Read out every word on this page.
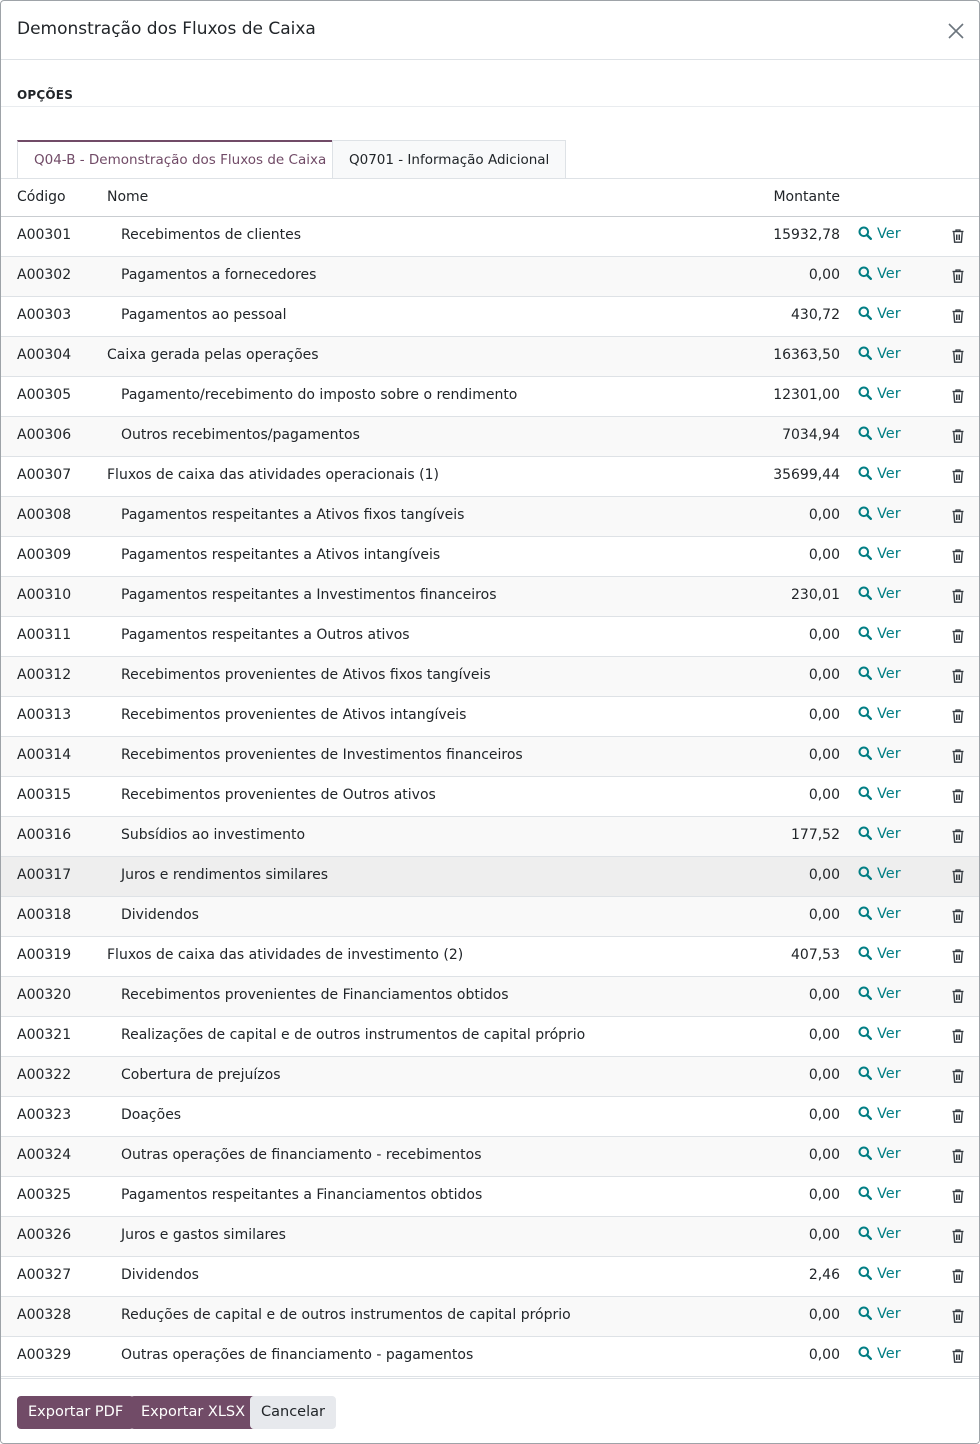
Demonstração dos Fluxos de Caixa
OPÇÕES
Q04-B - Demonstração dos Fluxos de Caixa	Q0701 - Informação Adicional
Código	Nome	Montante
A00301	Recebimentos de clientes	15932,78	Ver
A00302	Pagamentos a fornecedores	0,00	Ver
A00303	Pagamentos ao pessoal	430,72	Ver
A00304	Caixa gerada pelas operações	16363,50	Ver
A00305	Pagamento/recebimento do imposto sobre o rendimento	12301,00	Ver
A00306	Outros recebimentos/pagamentos	7034,94	Ver
A00307	Fluxos de caixa das atividades operacionais (1)	35699,44	Ver
A00308	Pagamentos respeitantes a Ativos fixos tangíveis	0,00	Ver
A00309	Pagamentos respeitantes a Ativos intangíveis	0,00	Ver
A00310	Pagamentos respeitantes a Investimentos financeiros	230,01	Ver
A00311	Pagamentos respeitantes a Outros ativos	0,00	Ver
A00312	Recebimentos provenientes de Ativos fixos tangíveis	0,00	Ver
A00313	Recebimentos provenientes de Ativos intangíveis	0,00	Ver
A00314	Recebimentos provenientes de Investimentos financeiros	0,00	Ver
A00315	Recebimentos provenientes de Outros ativos	0,00	Ver
A00316	Subsídios ao investimento	177,52	Ver
A00317	Juros e rendimentos similares	0,00	Ver
A00318	Dividendos	0,00	Ver
A00319	Fluxos de caixa das atividades de investimento (2)	407,53	Ver
A00320	Recebimentos provenientes de Financiamentos obtidos	0,00	Ver
A00321	Realizações de capital e de outros instrumentos de capital próprio	0,00	Ver
A00322	Cobertura de prejuízos	0,00	Ver
A00323	Doações	0,00	Ver
A00324	Outras operações de financiamento - recebimentos	0,00	Ver
A00325	Pagamentos respeitantes a Financiamentos obtidos	0,00	Ver
A00326	Juros e gastos similares	0,00	Ver
A00327	Dividendos	2,46	Ver
A00328	Reduções de capital e de outros instrumentos de capital próprio	0,00	Ver
A00329	Outras operações de financiamento - pagamentos	0,00	Ver
Exportar PDF	Exportar XLSX	Cancelar
